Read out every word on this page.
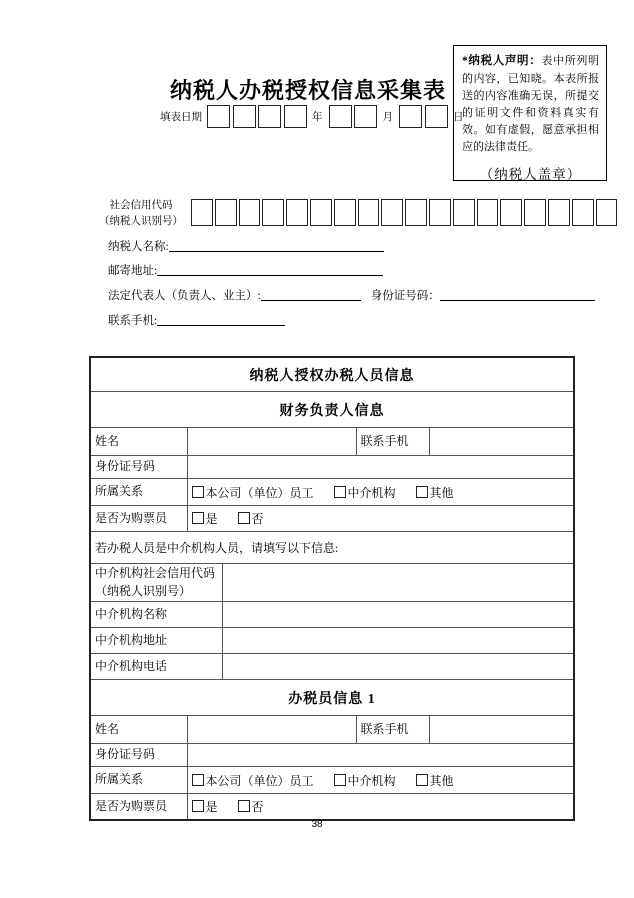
*纳税人声明：表中所列明的内容，已知晓。本表所报送的内容准确无误，所提交的证明文件和资料真实有效。如有虚假，愿意承担相应的法律责任。
（纳税人盖章）
纳税人办税授权信息采集表
填表日期	年	月	日
社会信用代码
（纳税人识别号）
纳税人名称:
邮寄地址:
法定代表人（负责人、业主）:	身份证号码：
联系手机:
纳税人授权办税人员信息				
财务负责人信息				
姓名			联系手机	
身份证号码				
所属关系	本公司（单位）员工 中介机构 其他			
是否为购票员	是 否			
若办税人员是中介机构人员，请填写以下信息:				
中介机构社会信用代码（纳税人识别号）				
中介机构名称				
中介机构地址				
中介机构电话				
办税员信息 1				
姓名			联系手机	
身份证号码				
所属关系	本公司（单位）员工 中介机构 其他			
是否为购票员	是 否			
38
